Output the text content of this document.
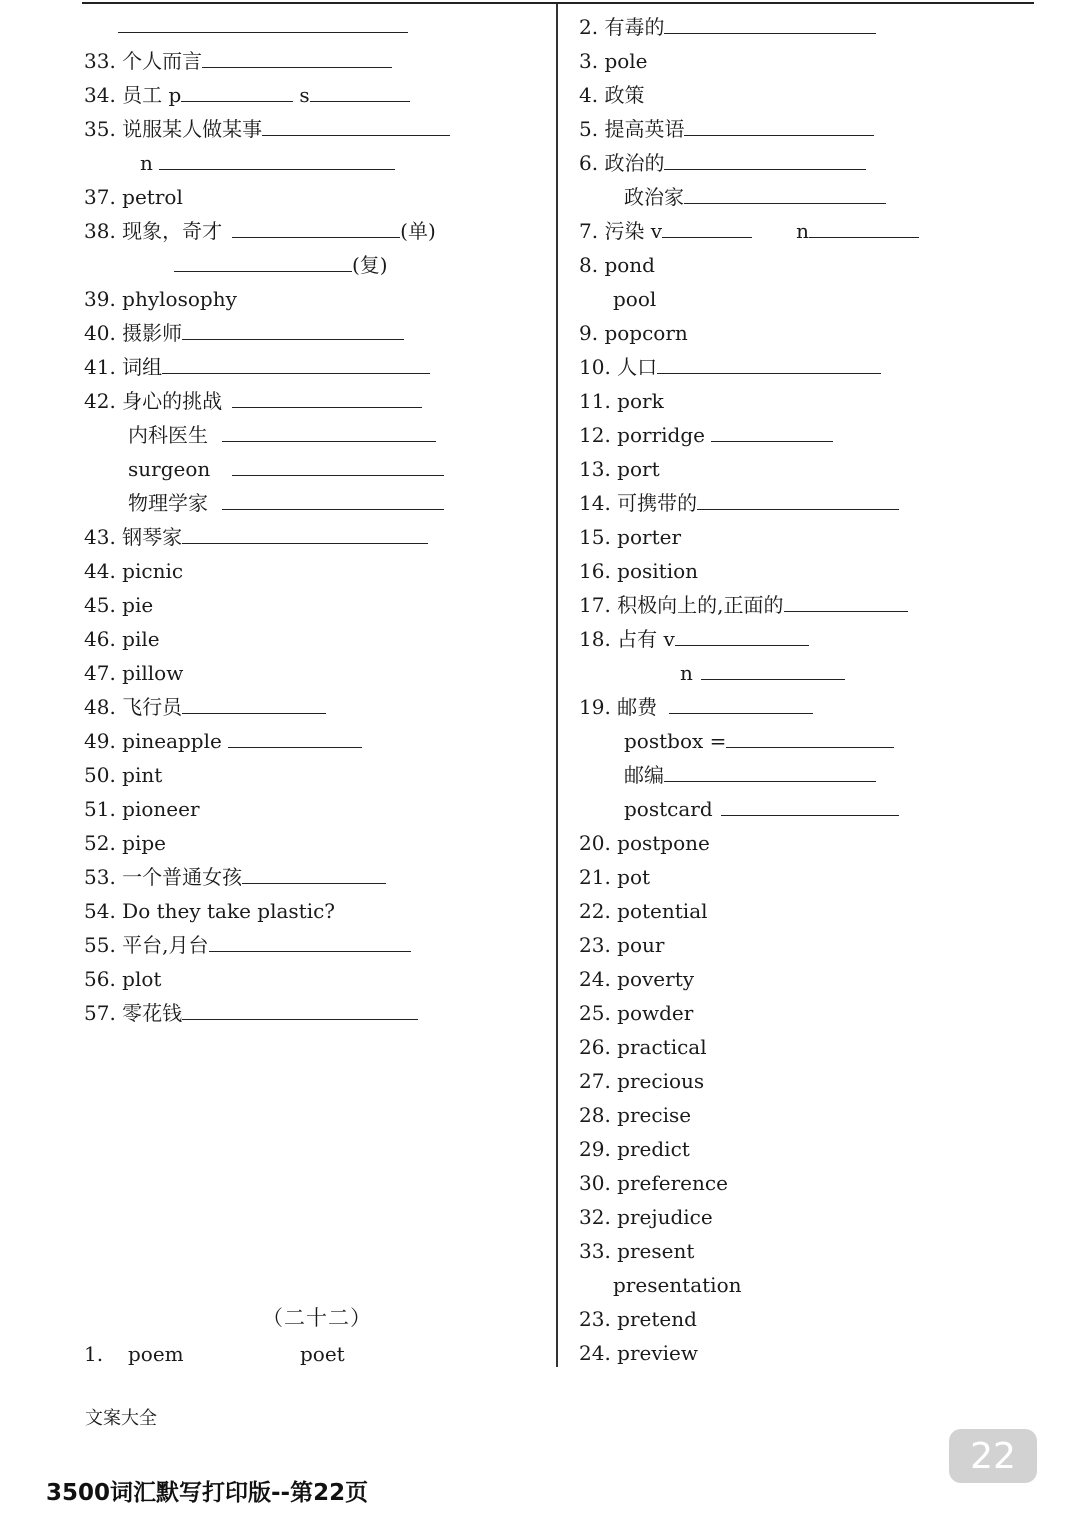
33. 个人而言
34. 员工 p	s
35. 说服某人做某事
n
37. petrol
38. 现象，奇才	(单)
(复)
39. phylosophy
40. 摄影师
41. 词组
42. 身心的挑战
内科医生
surgeon
物理学家
43. 钢琴家
44. picnic
45. pie
46. pile
47. pillow
48. 飞行员
49. pineapple
50. pint
51. pioneer
52. pipe
53. 一个普通女孩
54. Do they take plastic?
55. 平台,月台
56. plot
57. 零花钱
（二十二）
1.	poem	poet
2. 有毒的
3. pole
4. 政策
5. 提高英语
6. 政治的
政治家
7. 污染 v	n
8. pond
pool
9. popcorn
10. 人口
11. pork
12. porridge
13. port
14. 可携带的
15. porter
16. position
17. 积极向上的,正面的
18. 占有 v
n
19. 邮费
postbox =
邮编
postcard
20. postpone
21. pot
22. potential
23. pour
24. poverty
25. powder
26. practical
27. precious
28. precise
29. predict
30. preference
32. prejudice
33. present
presentation
23. pretend
24. preview
文案大全
22
3500词汇默写打印版--第22页
